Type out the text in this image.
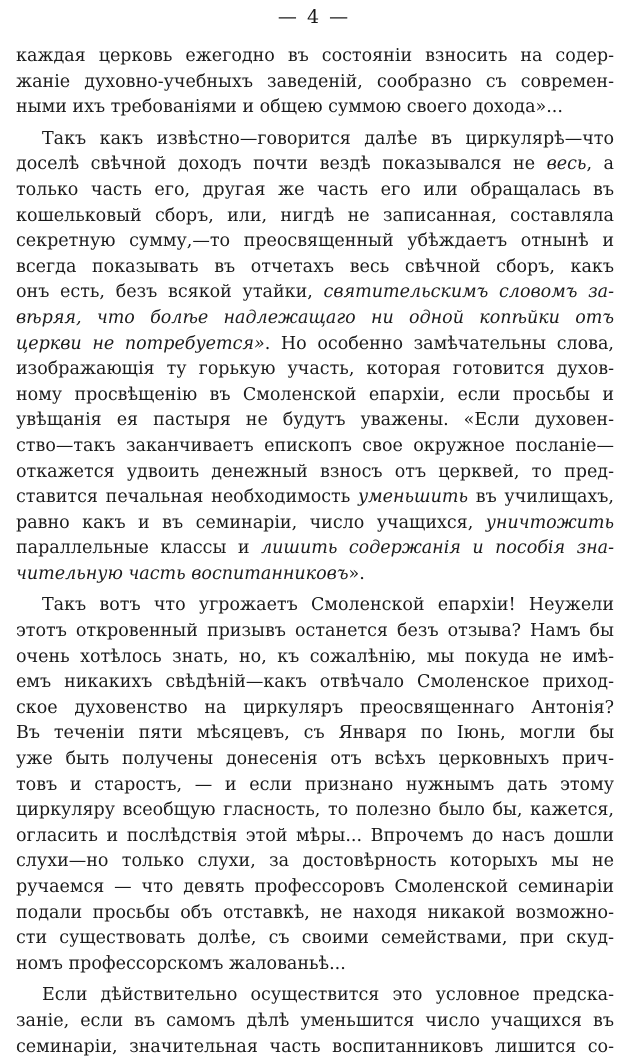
— 4 —
каждая церковь ежегодно въ состояніи взносить на содер-
жаніе духовно-учебныхъ заведеній, сообразно съ современ-
ными ихъ требованіями и общею суммою своего дохода»...
Такъ какъ извѣстно—говорится далѣе въ циркулярѣ—что
доселѣ свѣчной доходъ почти вездѣ показывался не весь, а
только часть его, другая же часть его или обращалась въ
кошельковый сборъ, или, нигдѣ не записанная, составляла
секретную сумму,—то преосвященный убѣждаетъ отнынѣ и
всегда показывать въ отчетахъ весь свѣчной сборъ, какъ
онъ есть, безъ всякой утайки, святительскимъ словомъ за-
вѣряя, что болѣе надлежащаго ни одной копѣйки отъ
церкви не потребуется». Но особенно замѣчательны слова,
изображающія ту горькую участь, которая готовится духов-
ному просвѣщенію въ Смоленской епархіи, если просьбы и
увѣщанія ея пастыря не будутъ уважены. «Если духовен-
ство—такъ заканчиваетъ епископъ свое окружное посланіе—
откажется удвоить денежный взносъ отъ церквей, то пред-
ставится печальная необходимость уменьшить въ училищахъ,
равно какъ и въ семинаріи, число учащихся, уничтожить
параллельные классы и лишить содержанія и пособія зна-
чительную часть воспитанниковъ».
Такъ вотъ что угрожаетъ Смоленской епархіи! Неужели
этотъ откровенный призывъ останется безъ отзыва? Намъ бы
очень хотѣлось знать, но, къ сожалѣнію, мы покуда не имѣ-
емъ никакихъ свѣдѣній—какъ отвѣчало Смоленское приход-
ское духовенство на циркуляръ преосвященнаго Антонія?
Въ теченіи пяти мѣсяцевъ, съ Января по Іюнь, могли бы
уже быть получены донесенія отъ всѣхъ церковныхъ прич-
товъ и старостъ, — и если признано нужнымъ дать этому
циркуляру всеобщую гласность, то полезно было бы, кажется,
огласить и послѣдствія этой мѣры... Впрочемъ до насъ дошли
слухи—но только слухи, за достовѣрность которыхъ мы не
ручаемся — что девять профессоровъ Смоленской семинаріи
подали просьбы объ отставкѣ, не находя никакой возможно-
сти существовать долѣе, съ своими семействами, при скуд-
номъ профессорскомъ жалованьѣ...
Если дѣйствительно осуществится это условное предска-
заніе, если въ самомъ дѣлѣ уменьшится число учащихся въ
семинаріи, значительная часть воспитанниковъ лишится со-
